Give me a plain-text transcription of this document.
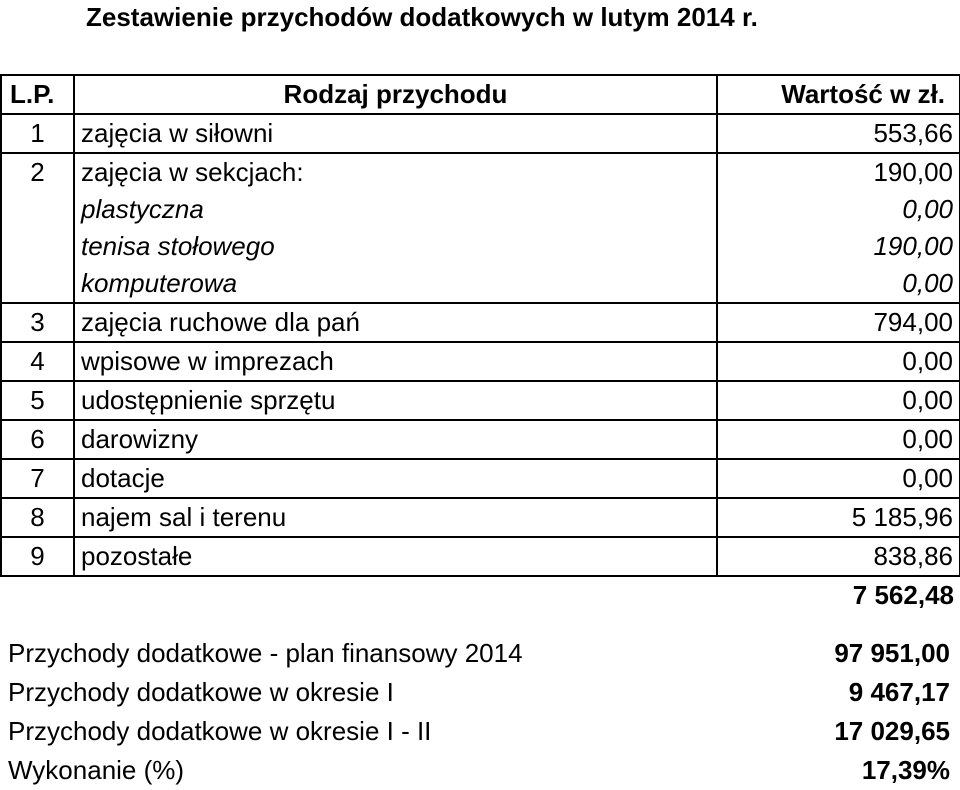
Zestawienie przychodów dodatkowych w lutym 2014 r.
L.P.	Rodzaj przychodu	Wartość w zł.
1	zajęcia w siłowni	553,66
2	zajęcia w sekcjach:	190,00
	plastyczna	0,00
	tenisa stołowego	190,00
	komputerowa	0,00
3	zajęcia ruchowe dla pań	794,00
4	wpisowe w imprezach	0,00
5	udostępnienie sprzętu	0,00
6	darowizny	0,00
7	dotacje	0,00
8	najem sal i terenu	5 185,96
9	pozostałe	838,86
		7 562,48
Przychody dodatkowe - plan finansowy 2014	97 951,00
Przychody dodatkowe w okresie I	9 467,17
Przychody dodatkowe w okresie I - II	17 029,65
Wykonanie (%)	17,39%
